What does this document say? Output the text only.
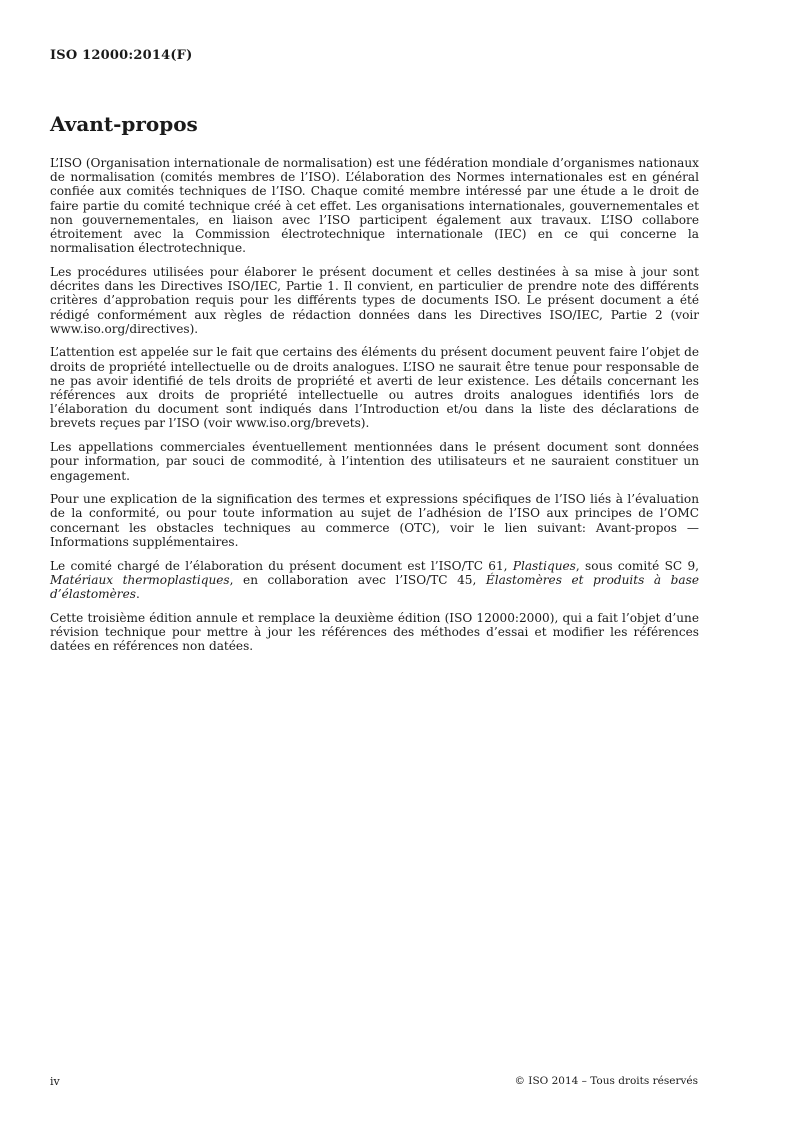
ISO 12000:2014(F)
Avant-propos

L’ISO (Organisation internationale de normalisation) est une fédération mondiale d’organismes nationaux de normalisation (comités membres de l’ISO). L’élaboration des Normes internationales est en général confiée aux comités techniques de l’ISO. Chaque comité membre intéressé par une étude a le droit de faire partie du comité technique créé à cet effet. Les organisations internationales, gouvernementales et non gouvernementales, en liaison avec l’ISO participent également aux travaux. L’ISO collabore étroitement avec la Commission électrotechnique internationale (IEC) en ce qui concerne la normalisation électrotechnique.

Les procédures utilisées pour élaborer le présent document et celles destinées à sa mise à jour sont décrites dans les Directives ISO/IEC, Partie 1. Il convient, en particulier de prendre note des différents critères d’approbation requis pour les différents types de documents ISO. Le présent document a été rédigé conformément aux règles de rédaction données dans les Directives ISO/IEC, Partie 2 (voir www.iso.org/directives).

L’attention est appelée sur le fait que certains des éléments du présent document peuvent faire l’objet de droits de propriété intellectuelle ou de droits analogues. L’ISO ne saurait être tenue pour responsable de ne pas avoir identifié de tels droits de propriété et averti de leur existence. Les détails concernant les références aux droits de propriété intellectuelle ou autres droits analogues identifiés lors de l’élaboration du document sont indiqués dans l’Introduction et/ou dans la liste des déclarations de brevets reçues par l’ISO (voir www.iso.org/brevets).

Les appellations commerciales éventuellement mentionnées dans le présent document sont données pour information, par souci de commodité, à l’intention des utilisateurs et ne sauraient constituer un engagement.

Pour une explication de la signification des termes et expressions spécifiques de l’ISO liés à l’évaluation de la conformité, ou pour toute information au sujet de l’adhésion de l’ISO aux principes de l’OMC concernant les obstacles techniques au commerce (OTC), voir le lien suivant: Avant-propos — Informations supplémentaires.

Le comité chargé de l’élaboration du présent document est l’ISO/TC 61, Plastiques, sous comité SC 9, Matériaux thermoplastiques, en collaboration avec l’ISO/TC 45, Élastomères et produits à base d’élastomères.

Cette troisième édition annule et remplace la deuxième édition (ISO 12000:2000), qui a fait l’objet d’une révision technique pour mettre à jour les références des méthodes d’essai et modifier les références datées en références non datées.

iv	© ISO 2014 – Tous droits réservés
